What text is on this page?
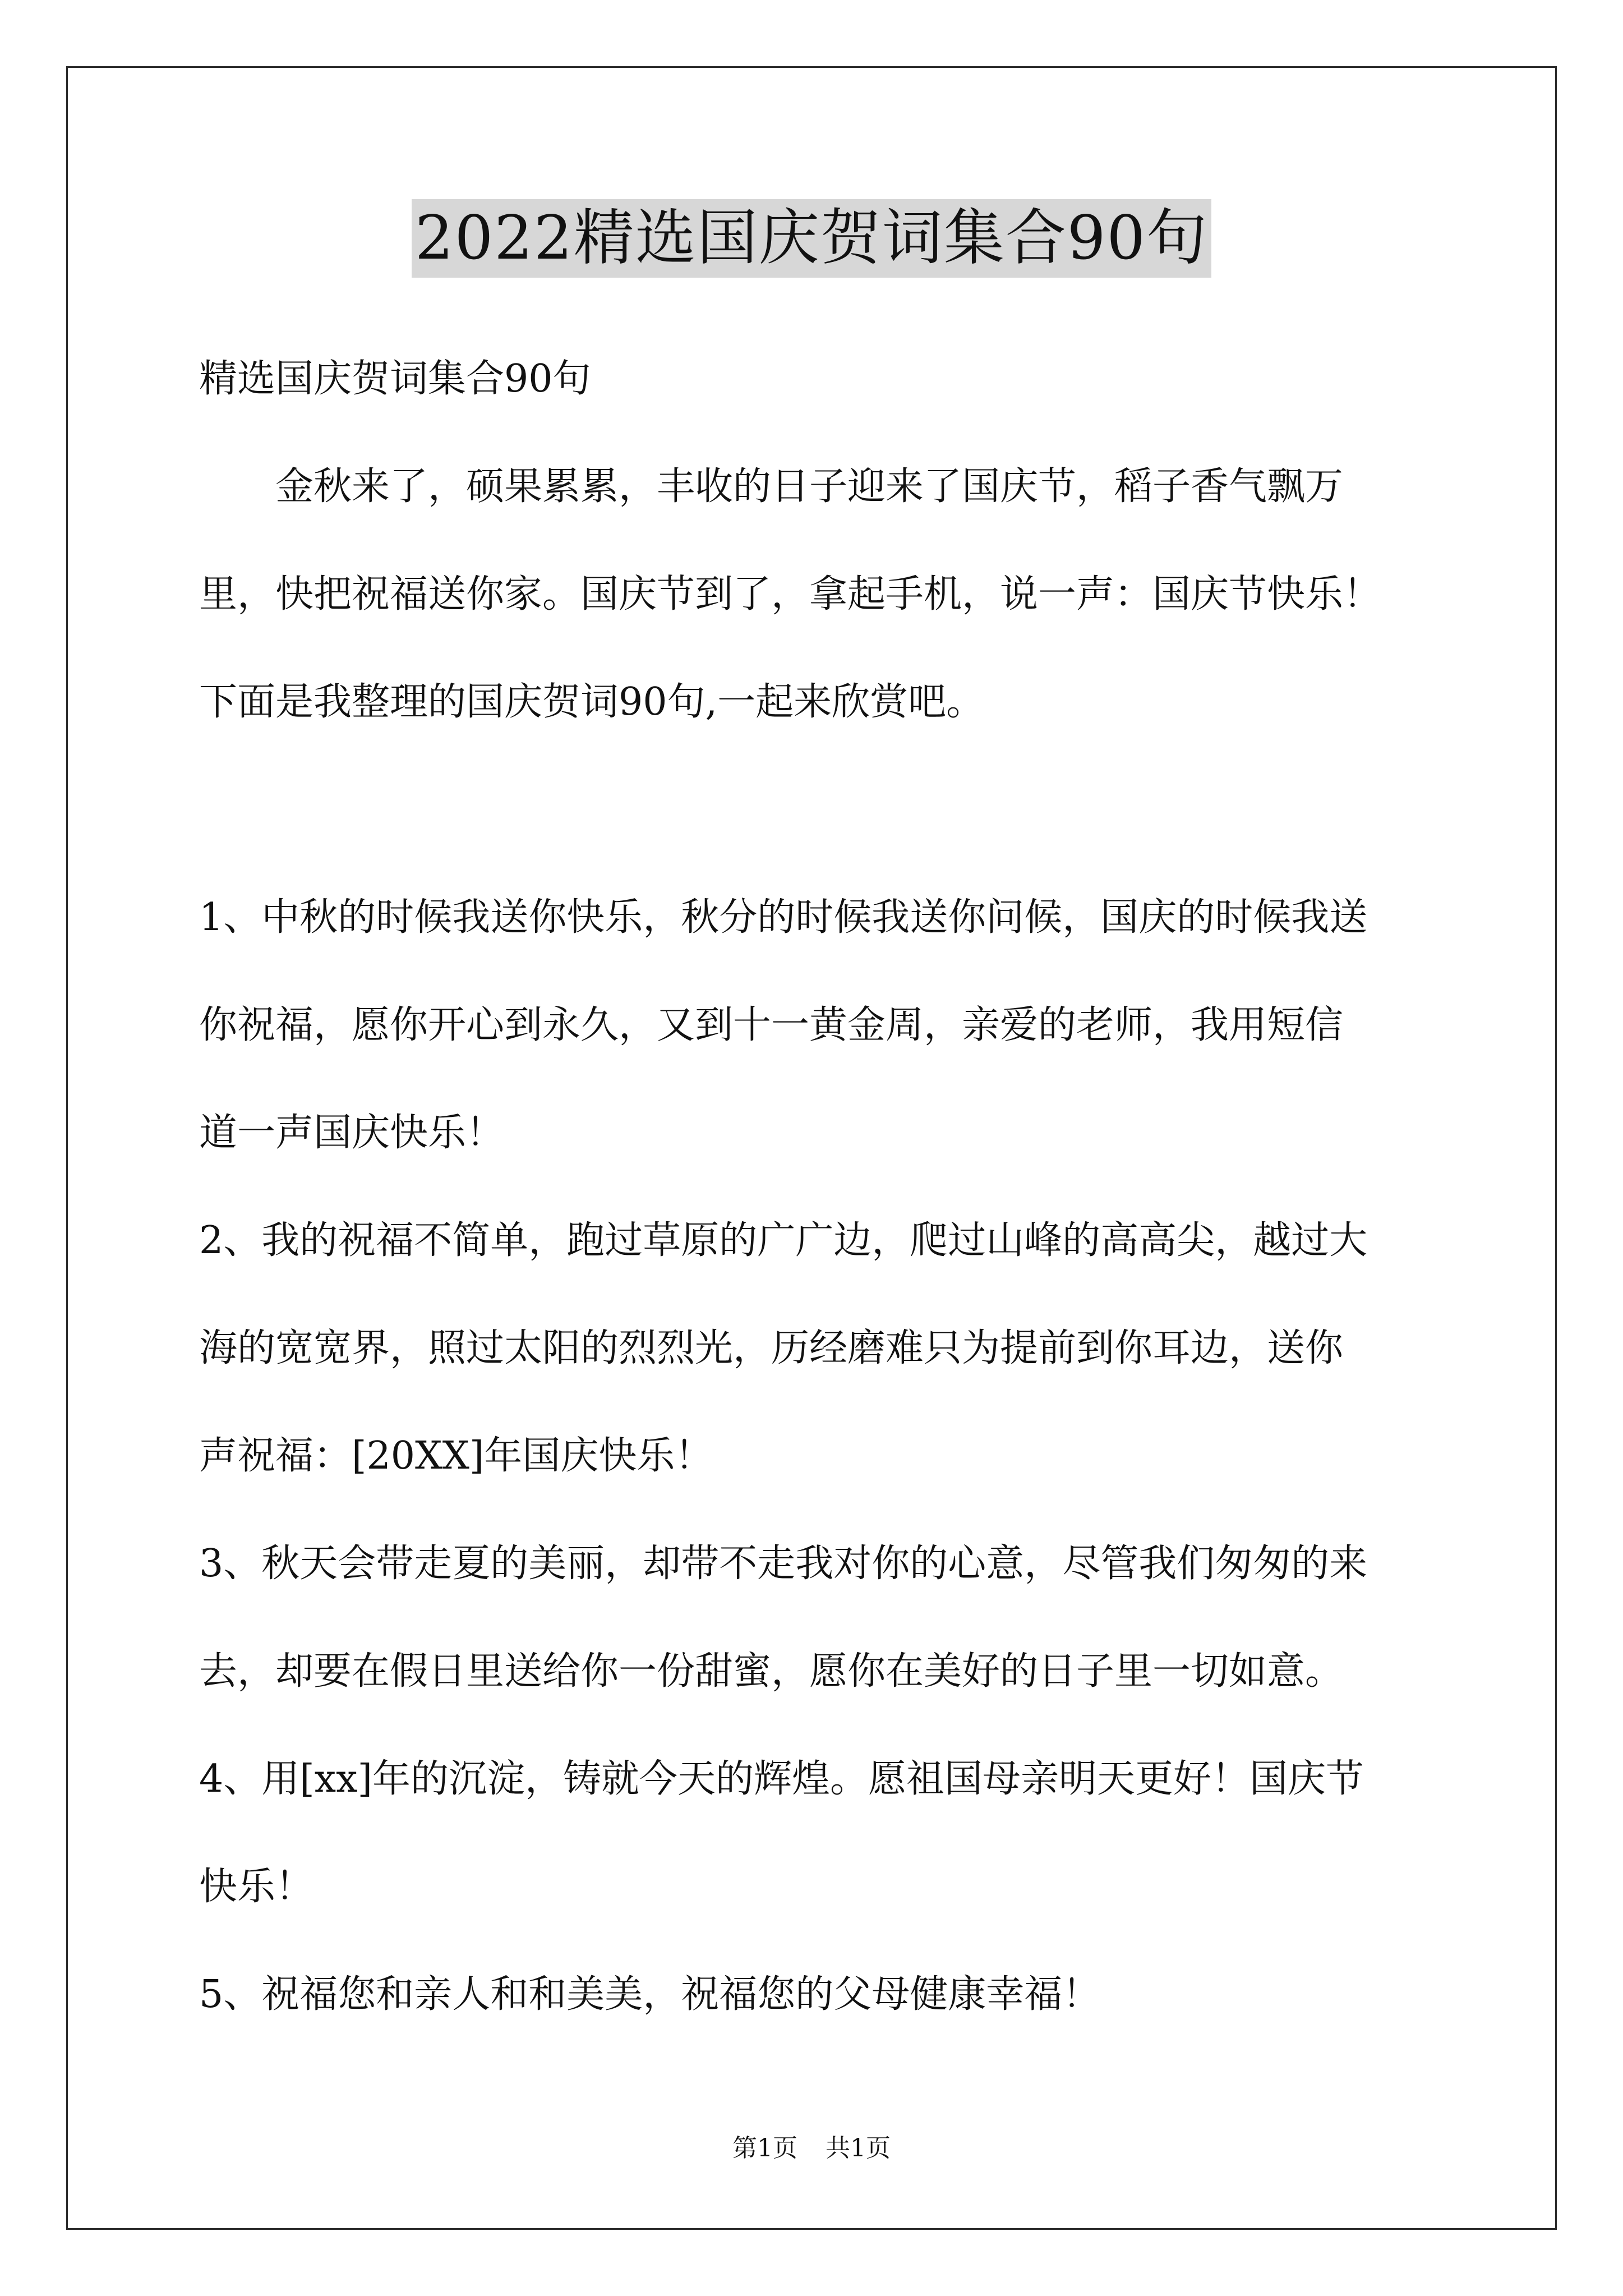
2022精选国庆贺词集合90句
精选国庆贺词集合90句
金秋来了，硕果累累，丰收的日子迎来了国庆节，稻子香气飘万
里，快把祝福送你家。国庆节到了，拿起手机，说一声：国庆节快乐！
下面是我整理的国庆贺词90句,一起来欣赏吧。
1、中秋的时候我送你快乐，秋分的时候我送你问候，国庆的时候我送
你祝福，愿你开心到永久，又到十一黄金周，亲爱的老师，我用短信
道一声国庆快乐！
2、我的祝福不简单，跑过草原的广广边，爬过山峰的高高尖，越过大
海的宽宽界，照过太阳的烈烈光，历经磨难只为提前到你耳边，送你
声祝福：[20XX]年国庆快乐！
3、秋天会带走夏的美丽，却带不走我对你的心意，尽管我们匆匆的来
去，却要在假日里送给你一份甜蜜，愿你在美好的日子里一切如意。
4、用[xx]年的沉淀，铸就今天的辉煌。愿祖国母亲明天更好！国庆节
快乐！
5、祝福您和亲人和和美美，祝福您的父母健康幸福！
第1页 共1页
